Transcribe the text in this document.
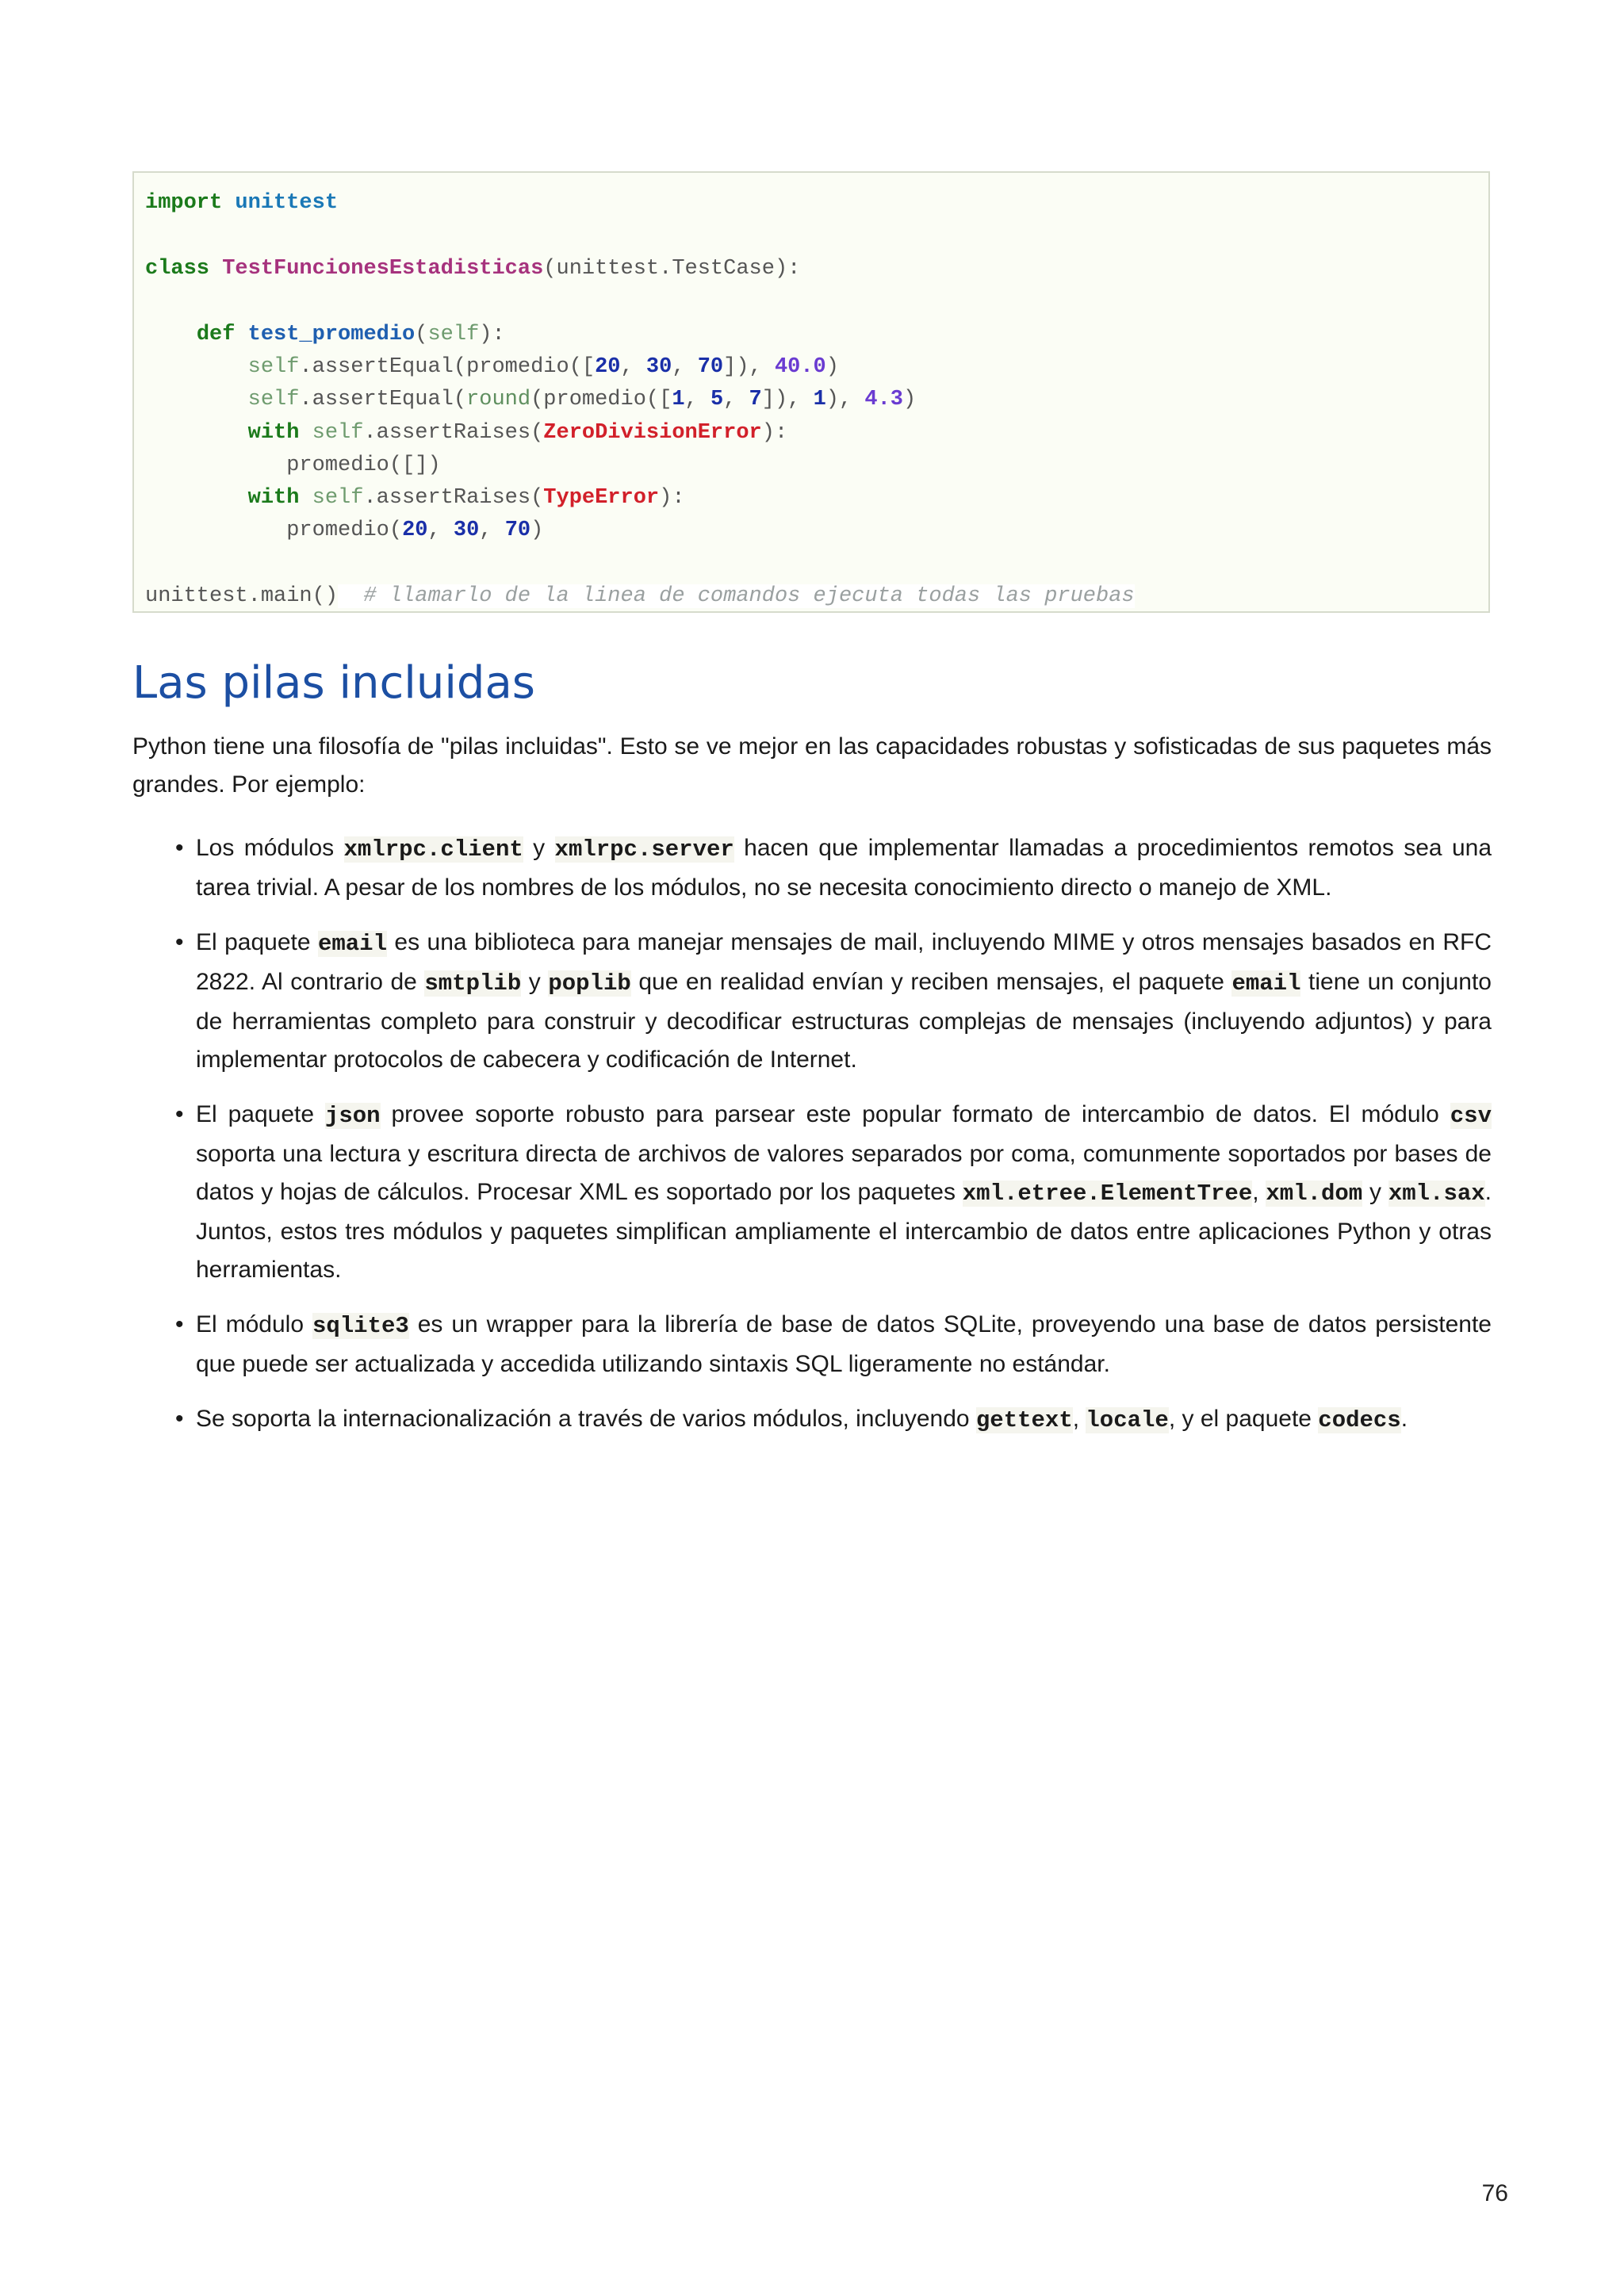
import unittest
class TestFuncionesEstadisticas(unittest.TestCase):
def test_promedio(self):
self.assertEqual(promedio([20, 30, 70]), 40.0)
self.assertEqual(round(promedio([1, 5, 7]), 1), 4.3)
with self.assertRaises(ZeroDivisionError):
promedio([])
with self.assertRaises(TypeError):
promedio(20, 30, 70)
unittest.main() # llamarlo de la linea de comandos ejecuta todas las pruebas
Las pilas incluidas

Python tiene una filosofía de "pilas incluidas". Esto se ve mejor en las capacidades robustas y sofisticadas de sus paquetes más grandes. Por ejemplo:

• Los módulos xmlrpc.client y xmlrpc.server hacen que implementar llamadas a procedimientos remotos sea una tarea trivial. A pesar de los nombres de los módulos, no se necesita conocimiento directo o manejo de XML.
• El paquete email es una biblioteca para manejar mensajes de mail, incluyendo MIME y otros mensajes basados en RFC 2822. Al contrario de smtplib y poplib que en realidad envían y reciben mensajes, el paquete email tiene un conjunto de herramientas completo para construir y decodificar estructuras complejas de mensajes (incluyendo adjuntos) y para implementar protocolos de cabecera y codificación de Internet.
• El paquete json provee soporte robusto para parsear este popular formato de intercambio de datos. El módulo csv soporta una lectura y escritura directa de archivos de valores separados por coma, comunmente soportados por bases de datos y hojas de cálculos. Procesar XML es soportado por los paquetes xml.etree.ElementTree, xml.dom y xml.sax. Juntos, estos tres módulos y paquetes simplifican ampliamente el intercambio de datos entre aplicaciones Python y otras herramientas.
• El módulo sqlite3 es un wrapper para la librería de base de datos SQLite, proveyendo una base de datos persistente que puede ser actualizada y accedida utilizando sintaxis SQL ligeramente no estándar.
• Se soporta la internacionalización a través de varios módulos, incluyendo gettext, locale, y el paquete codecs.
76
